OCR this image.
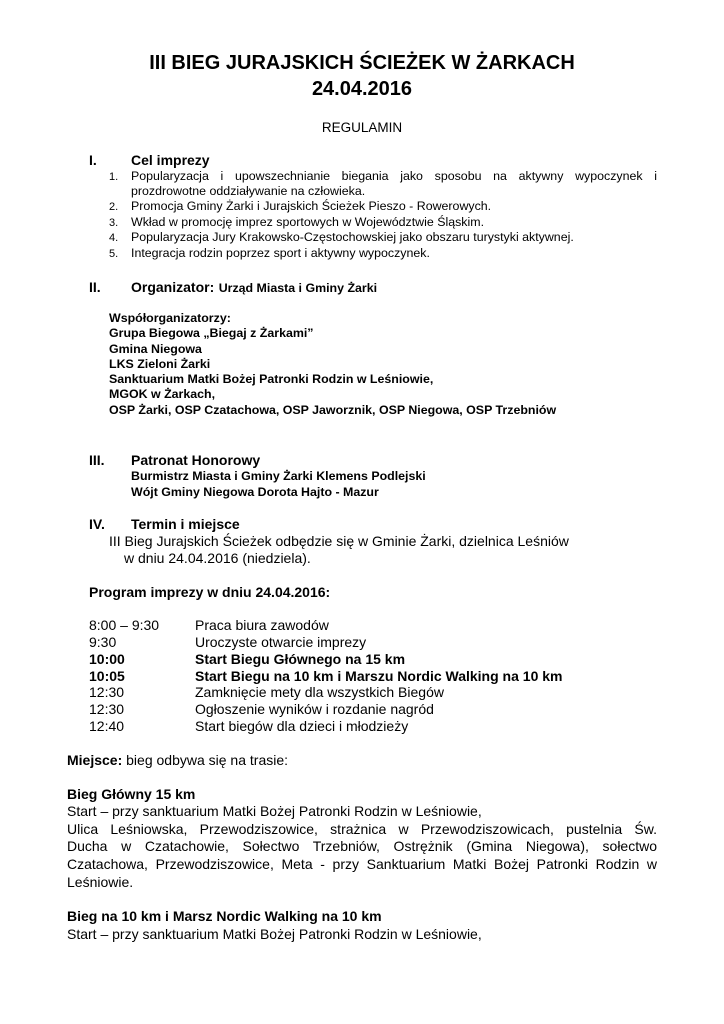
III BIEG JURAJSKICH ŚCIEŻEK W ŻARKACH
24.04.2016
REGULAMIN
I. Cel imprezy
1. Popularyzacja i upowszechnianie biegania jako sposobu na aktywny wypoczynek i
prozdrowotne oddziaływanie na człowieka.
2. Promocja Gminy Żarki i Jurajskich Ścieżek Pieszo - Rowerowych.
3. Wkład w promocję imprez sportowych w Województwie Śląskim.
4. Popularyzacja Jury Krakowsko-Częstochowskiej jako obszaru turystyki aktywnej.
5. Integracja rodzin poprzez sport i aktywny wypoczynek.
II. Organizator: Urząd Miasta i Gminy Żarki
Współorganizatorzy:
Grupa Biegowa „Biegaj z Żarkami”
Gmina Niegowa
LKS Zieloni Żarki
Sanktuarium Matki Bożej Patronki Rodzin w Leśniowie,
MGOK w Żarkach,
OSP Żarki, OSP Czatachowa, OSP Jaworznik, OSP Niegowa, OSP Trzebniów
III. Patronat Honorowy
Burmistrz Miasta i Gminy Żarki Klemens Podlejski
Wójt Gminy Niegowa Dorota Hajto - Mazur
IV. Termin i miejsce
III Bieg Jurajskich Ścieżek odbędzie się w Gminie Żarki, dzielnica Leśniów
w dniu 24.04.2016 (niedziela).
Program imprezy w dniu 24.04.2016:
8:00 – 9:30	Praca biura zawodów
9:30	Uroczyste otwarcie imprezy
10:00	Start Biegu Głównego na 15 km
10:05	Start Biegu na 10 km i Marszu Nordic Walking na 10 km
12:30	Zamknięcie mety dla wszystkich Biegów
12:30	Ogłoszenie wyników i rozdanie nagród
12:40	Start biegów dla dzieci i młodzieży
Miejsce: bieg odbywa się na trasie:
Bieg Główny 15 km
Start – przy sanktuarium Matki Bożej Patronki Rodzin w Leśniowie,
Ulica Leśniowska, Przewodziszowice, strażnica w Przewodziszowicach, pustelnia Św.
Ducha w Czatachowie, Sołectwo Trzebniów, Ostrężnik (Gmina Niegowa), sołectwo
Czatachowa, Przewodziszowice, Meta - przy Sanktuarium Matki Bożej Patronki Rodzin w
Leśniowie.
Bieg na 10 km i Marsz Nordic Walking na 10 km
Start – przy sanktuarium Matki Bożej Patronki Rodzin w Leśniowie,
